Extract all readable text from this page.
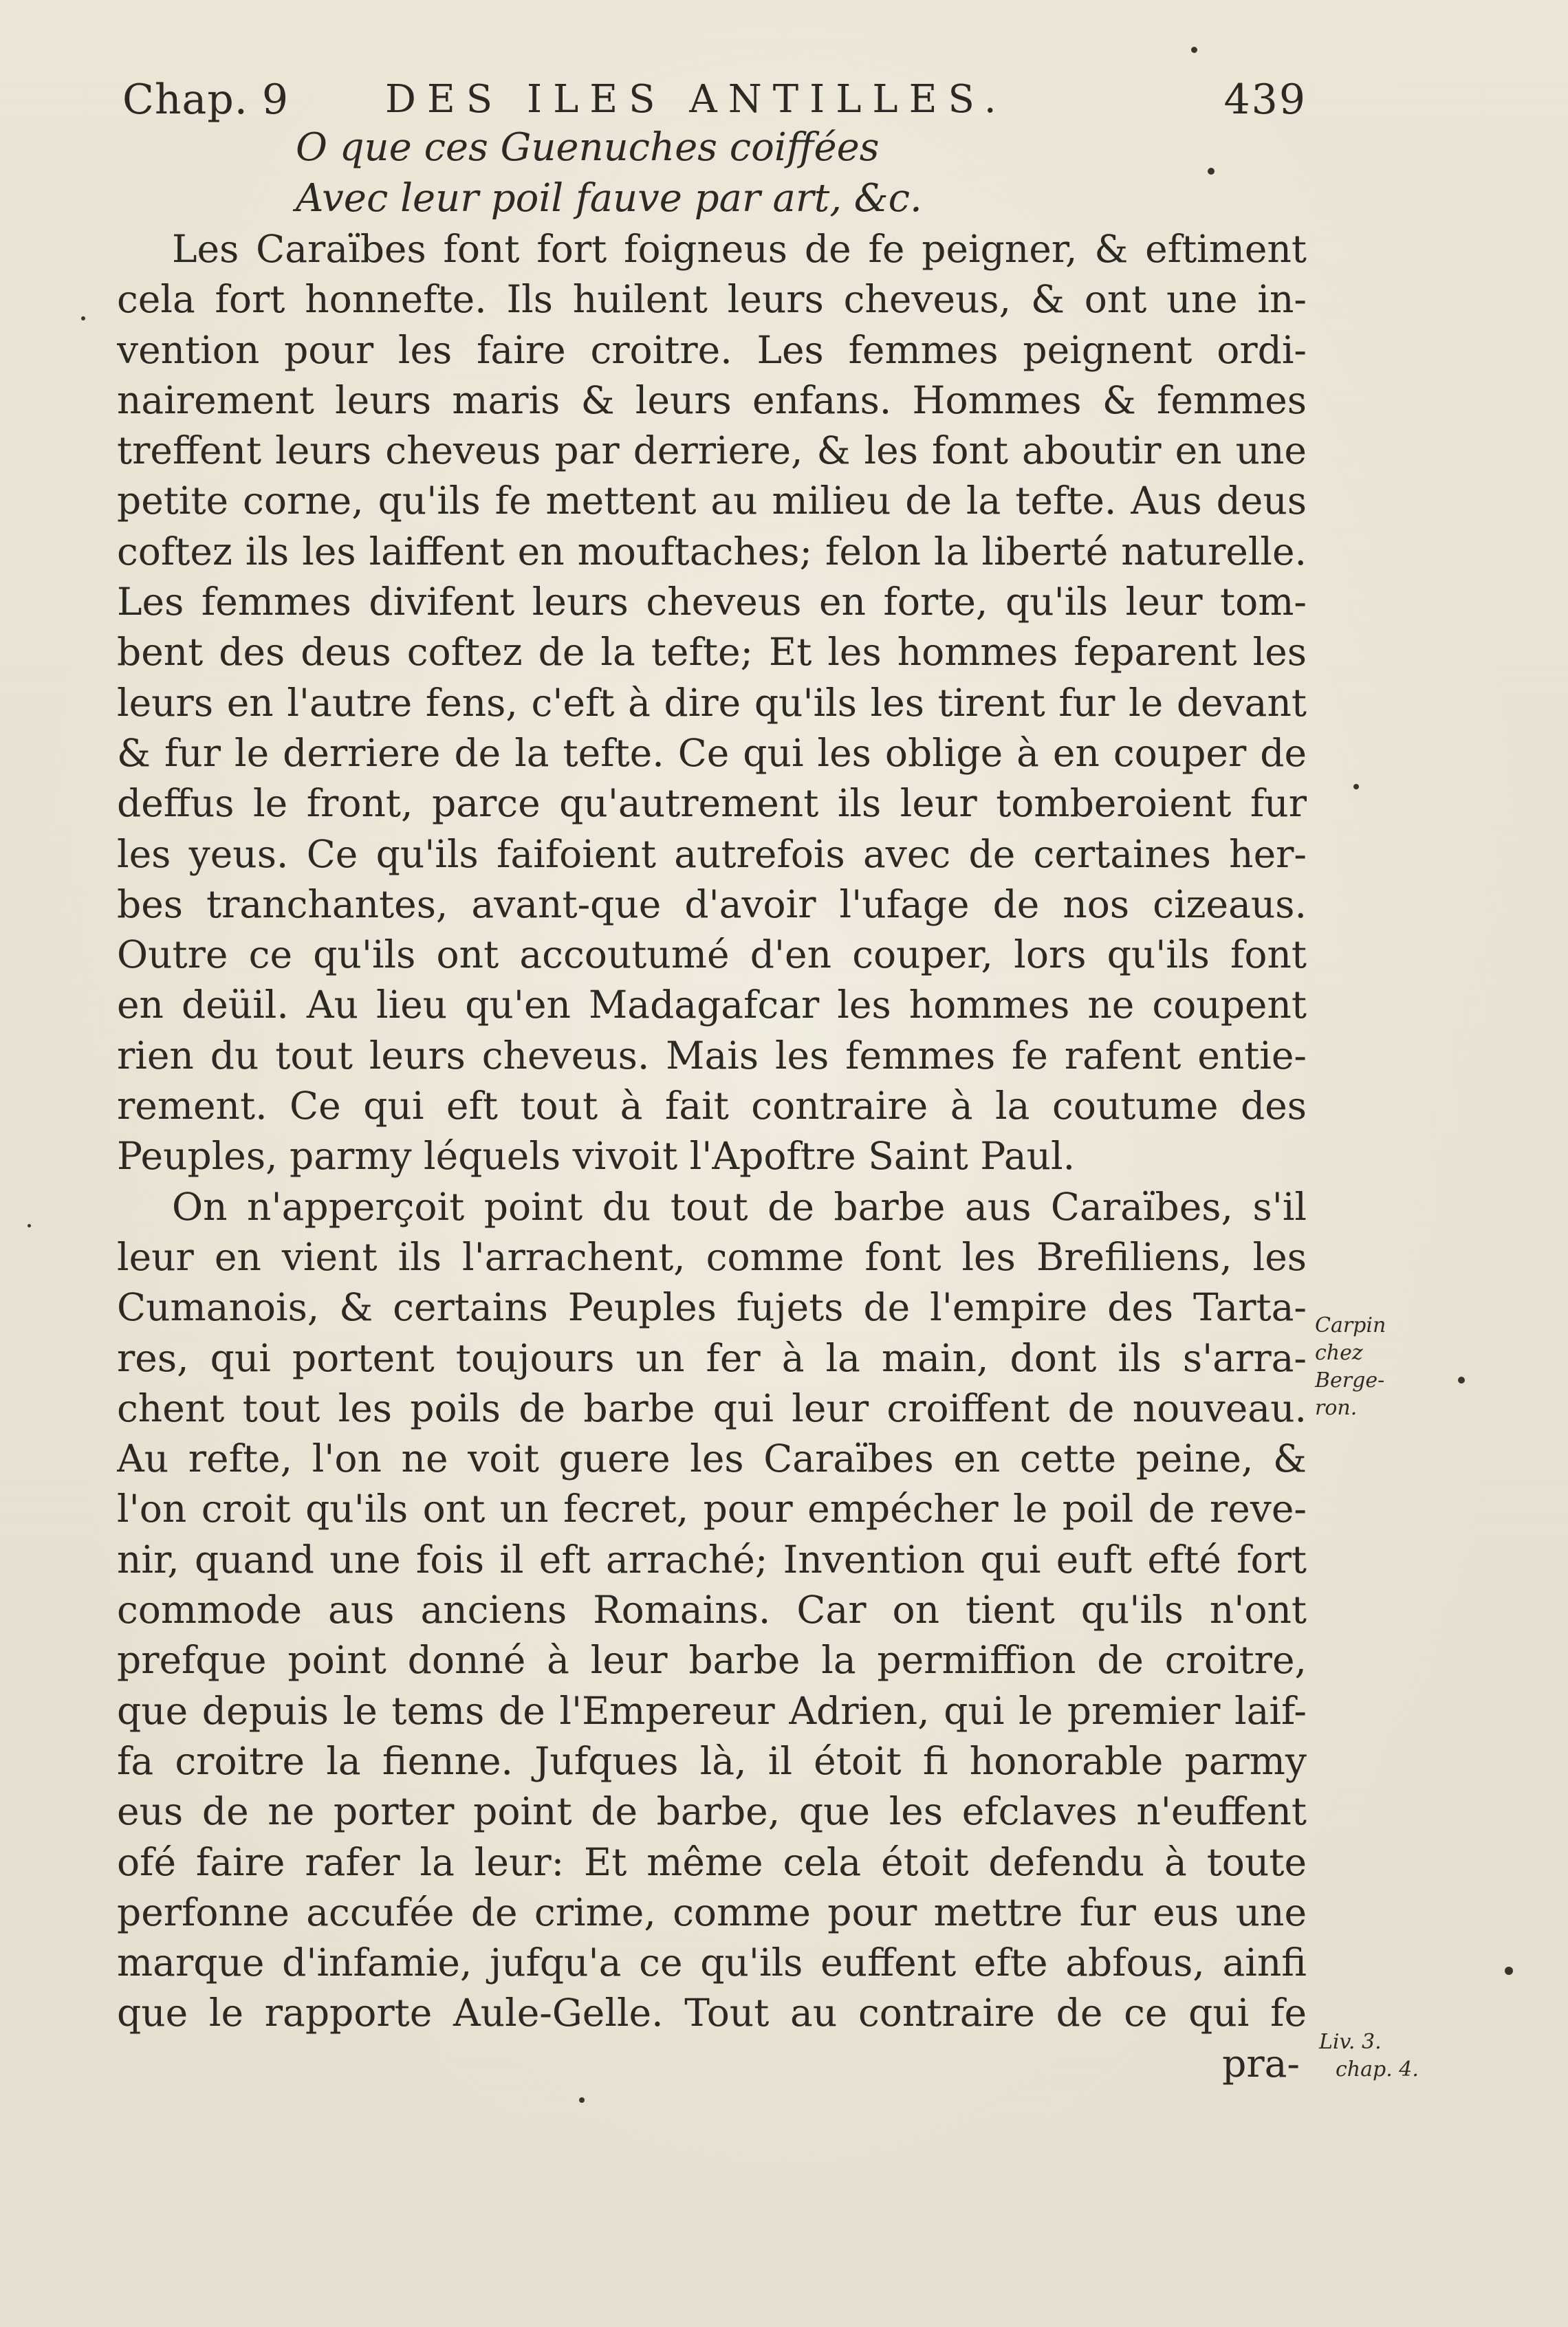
Chap. 9 DES ILES ANTILLES.	439
O que ces Guenuches coiffées
Avec leur poil fauve par art, &c.
Les Caraïbes font fort foigneus de fe peigner, & eftiment
cela fort honnefte. Ils huilent leurs cheveus, & ont une in-
vention pour les faire croitre. Les femmes peignent ordi-
nairement leurs maris & leurs enfans. Hommes & femmes
treffent leurs cheveus par derriere, & les font aboutir en une
petite corne, qu'ils fe mettent au milieu de la tefte. Aus deus
coftez ils les laiffent en mouftaches; felon la liberté naturelle.
Les femmes divifent leurs cheveus en forte, qu'ils leur tom-
bent des deus coftez de la tefte; Et les hommes feparent les
leurs en l'autre fens, c'eft à dire qu'ils les tirent fur le devant
& fur le derriere de la tefte. Ce qui les oblige à en couper de
deffus le front, parce qu'autrement ils leur tomberoient fur
les yeus. Ce qu'ils faifoient autrefois avec de certaines her-
bes tranchantes, avant-que d'avoir l'ufage de nos cizeaus.
Outre ce qu'ils ont accoutumé d'en couper, lors qu'ils font
en deüil. Au lieu qu'en Madagafcar les hommes ne coupent
rien du tout leurs cheveus. Mais les femmes fe rafent entie-
rement. Ce qui eft tout à fait contraire à la coutume des
Peuples, parmy léquels vivoit l'Apoftre Saint Paul.
On n'apperçoit point du tout de barbe aus Caraïbes, s'il
leur en vient ils l'arrachent, comme font les Brefiliens, les
Cumanois, & certains Peuples fujets de l'empire des Tarta-
res, qui portent toujours un fer à la main, dont ils s'arra-
chent tout les poils de barbe qui leur croiffent de nouveau.
Au refte, l'on ne voit guere les Caraïbes en cette peine, &
l'on croit qu'ils ont un fecret, pour empécher le poil de reve-
nir, quand une fois il eft arraché; Invention qui euft efté fort
commode aus anciens Romains. Car on tient qu'ils n'ont
prefque point donné à leur barbe la permiffion de croitre,
que depuis le tems de l'Empereur Adrien, qui le premier laif-
fa croitre la fienne. Jufques là, il étoit fi honorable parmy
eus de ne porter point de barbe, que les efclaves n'euffent
ofé faire rafer la leur: Et même cela étoit defendu à toute
perfonne accufée de crime, comme pour mettre fur eus une
marque d'infamie, jufqu'a ce qu'ils euffent efte abfous, ainfi
que le rapporte Aule-Gelle. Tout au contraire de ce qui fe
pra-
Carpin
chez
Berge-
ron.
Liv. 3.
chap. 4.
